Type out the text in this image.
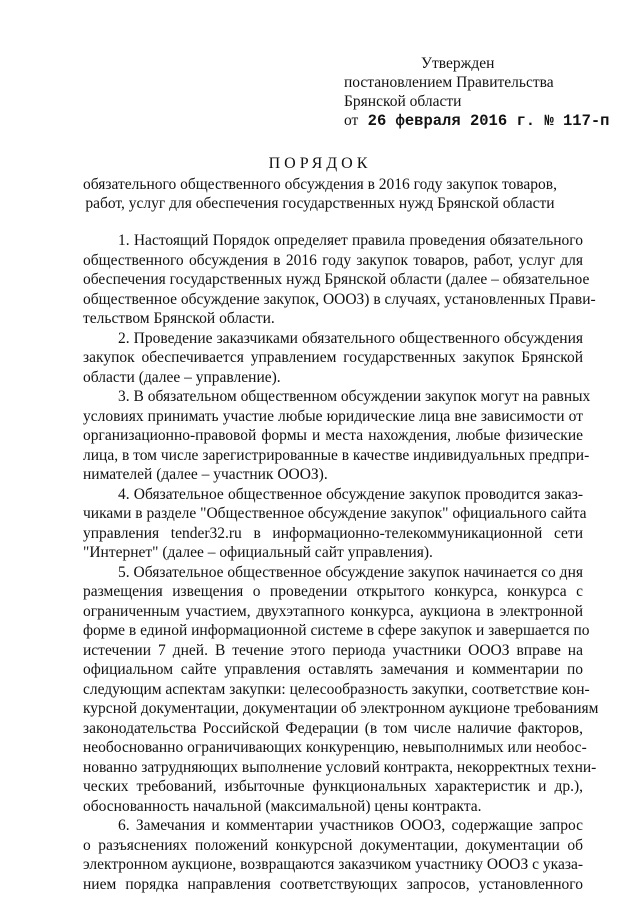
Утвержден
постановлением Правительства
Брянской области
от 26 февраля 2016 г. № 117-п
ПОРЯДОК
обязательного общественного обсуждения в 2016 году закупок товаров,
работ, услуг для обеспечения государственных нужд Брянской области
1. Настоящий Порядок определяет правила проведения обязательного
общественного обсуждения в 2016 году закупок товаров, работ, услуг для
обеспечения государственных нужд Брянской области (далее – обязательное
общественное обсуждение закупок, ОООЗ) в случаях, установленных Прави-
тельством Брянской области.
2. Проведение заказчиками обязательного общественного обсуждения
закупок обеспечивается управлением государственных закупок Брянской
области (далее – управление).
3. В обязательном общественном обсуждении закупок могут на равных
условиях принимать участие любые юридические лица вне зависимости от
организационно-правовой формы и места нахождения, любые физические
лица, в том числе зарегистрированные в качестве индивидуальных предпри-
нимателей (далее – участник ОООЗ).
4. Обязательное общественное обсуждение закупок проводится заказ-
чиками в разделе "Общественное обсуждение закупок" официального сайта
управления tender32.ru в информационно-телекоммуникационной сети
"Интернет" (далее – официальный сайт управления).
5. Обязательное общественное обсуждение закупок начинается со дня
размещения извещения о проведении открытого конкурса, конкурса с
ограниченным участием, двухэтапного конкурса, аукциона в электронной
форме в единой информационной системе в сфере закупок и завершается по
истечении 7 дней. В течение этого периода участники ОООЗ вправе на
официальном сайте управления оставлять замечания и комментарии по
следующим аспектам закупки: целесообразность закупки, соответствие кон-
курсной документации, документации об электронном аукционе требованиям
законодательства Российской Федерации (в том числе наличие факторов,
необоснованно ограничивающих конкуренцию, невыполнимых или необос-
нованно затрудняющих выполнение условий контракта, некорректных техни-
ческих требований, избыточные функциональных характеристик и др.),
обоснованность начальной (максимальной) цены контракта.
6. Замечания и комментарии участников ОООЗ, содержащие запрос
о разъяснениях положений конкурсной документации, документации об
электронном аукционе, возвращаются заказчиком участнику ОООЗ с указа-
нием порядка направления соответствующих запросов, установленного
